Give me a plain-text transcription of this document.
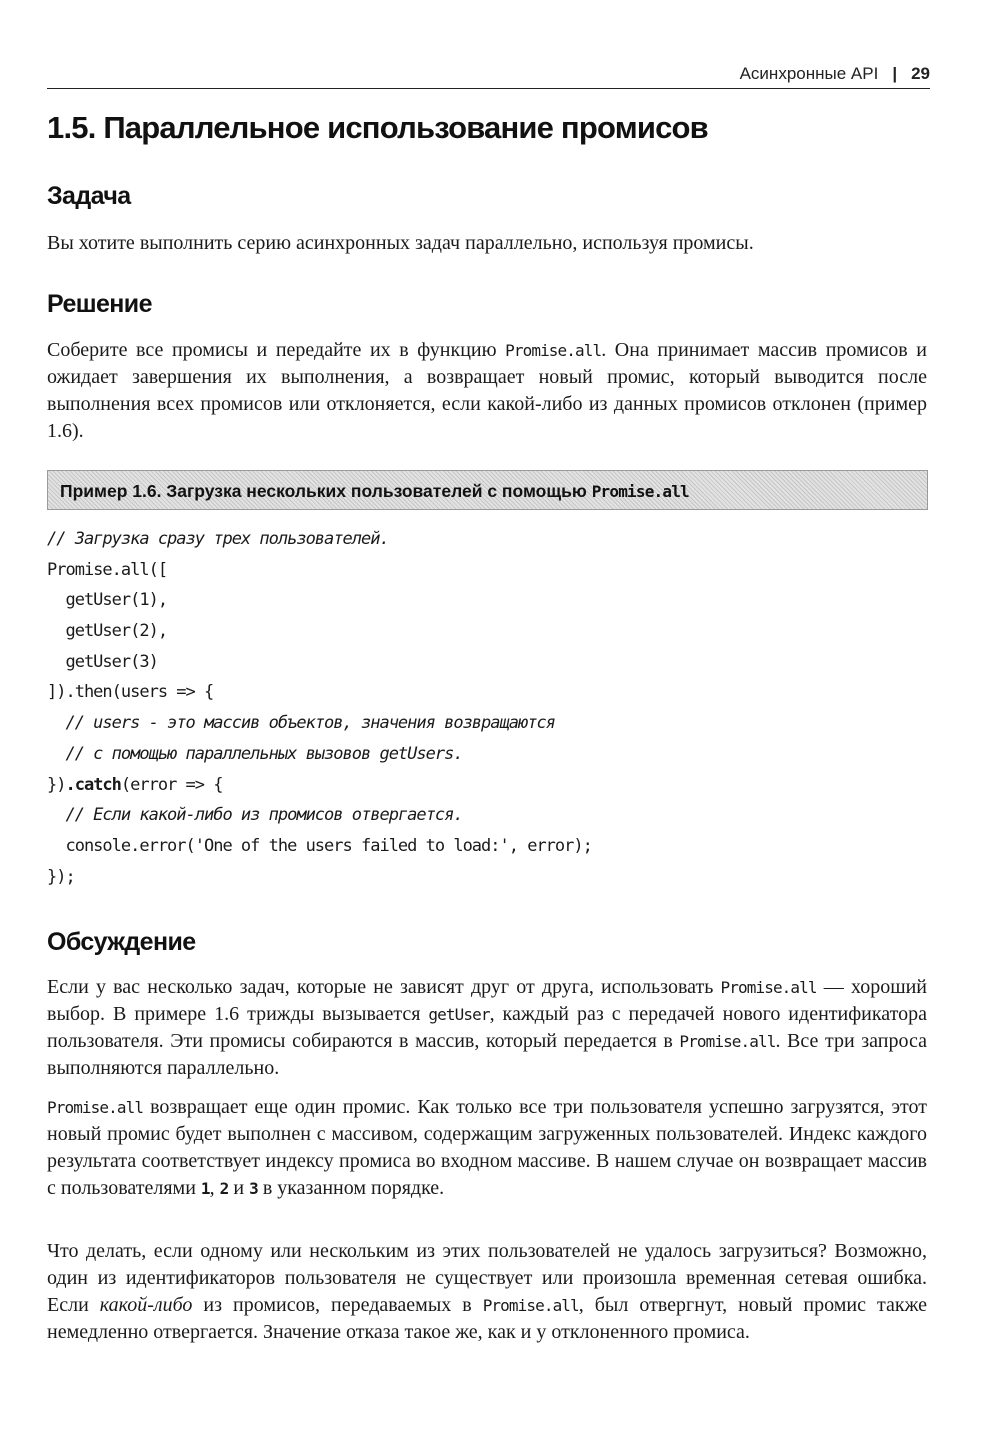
Асинхронные API | 29
1.5. Параллельное использование промисов
Задача

Вы хотите выполнить серию асинхронных задач параллельно, используя промисы.

Решение

Соберите все промисы и передайте их в функцию Promise.all. Она принимает массив промисов и ожидает завершения их выполнения, а возвращает новый промис, который выводится после выполнения всех промисов или отклоняется, если какой-либо из данных промисов отклонен (пример 1.6).

Пример 1.6. Загрузка нескольких пользователей с помощью Promise.all
// Загрузка сразу трех пользователей.
Promise.all([
getUser(1),
getUser(2),
getUser(3)
]).then(users => {
// users - это массив объектов, значения возвращаются
// с помощью параллельных вызовов getUsers.
}).catch(error => {
// Если какой-либо из промисов отвергается.
console.error('One of the users failed to load:', error);
});
Обсуждение

Если у вас несколько задач, которые не зависят друг от друга, использовать Promise.all — хороший выбор. В примере 1.6 трижды вызывается getUser, каждый раз с передачей нового идентификатора пользователя. Эти промисы собираются в массив, который передается в Promise.all. Все три запроса выполняются параллельно.

Promise.all возвращает еще один промис. Как только все три пользователя успешно загрузятся, этот новый промис будет выполнен с массивом, содержащим загруженных пользователей. Индекс каждого результата соответствует индексу промиса во входном массиве. В нашем случае он возвращает массив с пользователями 1, 2 и 3 в указанном порядке.

Что делать, если одному или нескольким из этих пользователей не удалось загрузиться? Возможно, один из идентификаторов пользователя не существует или произошла временная сетевая ошибка. Если какой-либо из промисов, передаваемых в Promise.all, был отвергнут, новый промис также немедленно отвергается. Значение отказа такое же, как и у отклоненного промиса.
